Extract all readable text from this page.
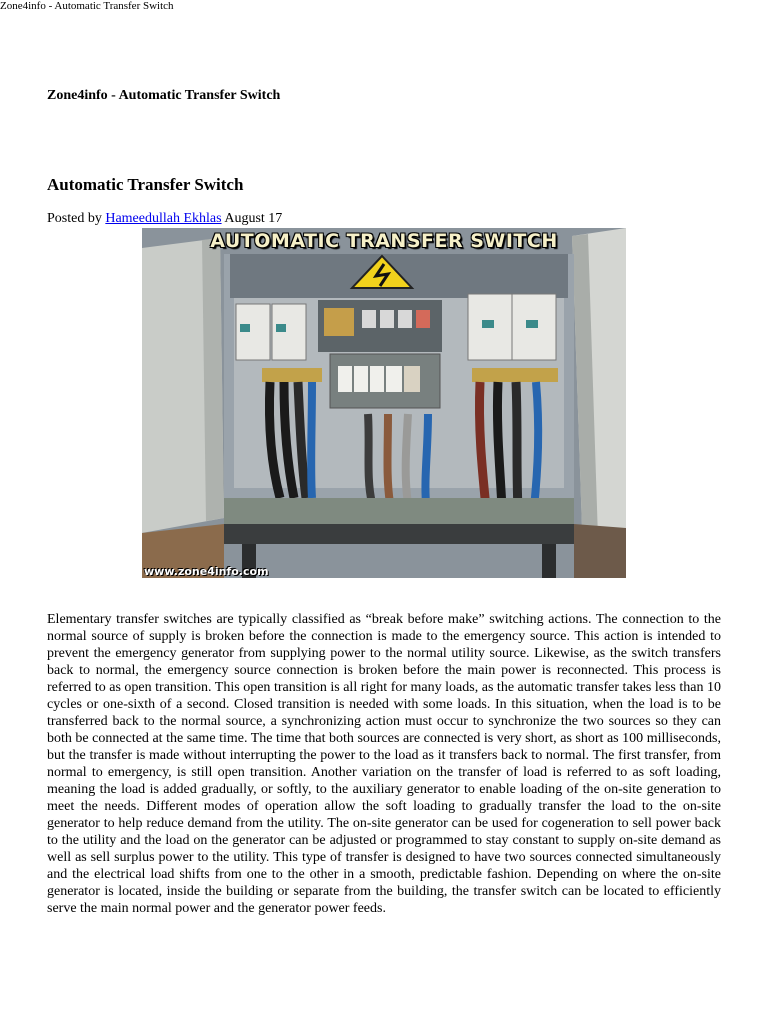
Zone4info - Automatic Transfer Switch
Zone4info - Automatic Transfer Switch
Automatic Transfer Switch
Posted by Hameedullah Ekhlas August 17
AUTOMATIC TRANSFER SWITCH
www.zone4info.com

Elementary transfer switches are typically classified as “break before make” switching actions. The connection to the normal source of supply is broken before the connection is made to the emergency source. This action is intended to prevent the emergency generator from supplying power to the normal utility source. Likewise, as the switch transfers back to normal, the emergency source connection is broken before the main power is reconnected. This process is referred to as open transition. This open transition is all right for many loads, as the automatic transfer takes less than 10 cycles or one-sixth of a second. Closed transition is needed with some loads. In this situation, when the load is to be transferred back to the normal source, a synchronizing action must occur to synchronize the two sources so they can both be connected at the same time. The time that both sources are connected is very short, as short as 100 milliseconds, but the transfer is made without interrupting the power to the load as it transfers back to normal. The first transfer, from normal to emergency, is still open transition. Another variation on the transfer of load is referred to as soft loading, meaning the load is added gradually, or softly, to the auxiliary generator to enable loading of the on-site generation to meet the needs. Different modes of operation allow the soft loading to gradually transfer the load to the on-site generator to help reduce demand from the utility. The on-site generator can be used for cogeneration to sell power back to the utility and the load on the generator can be adjusted or programmed to stay constant to supply on-site demand as well as sell surplus power to the utility. This type of transfer is designed to have two sources connected simultaneously and the electrical load shifts from one to the other in a smooth, predictable fashion. Depending on where the on-site generator is located, inside the building or separate from the building, the transfer switch can be located to efficiently serve the main normal power and the generator power feeds.
